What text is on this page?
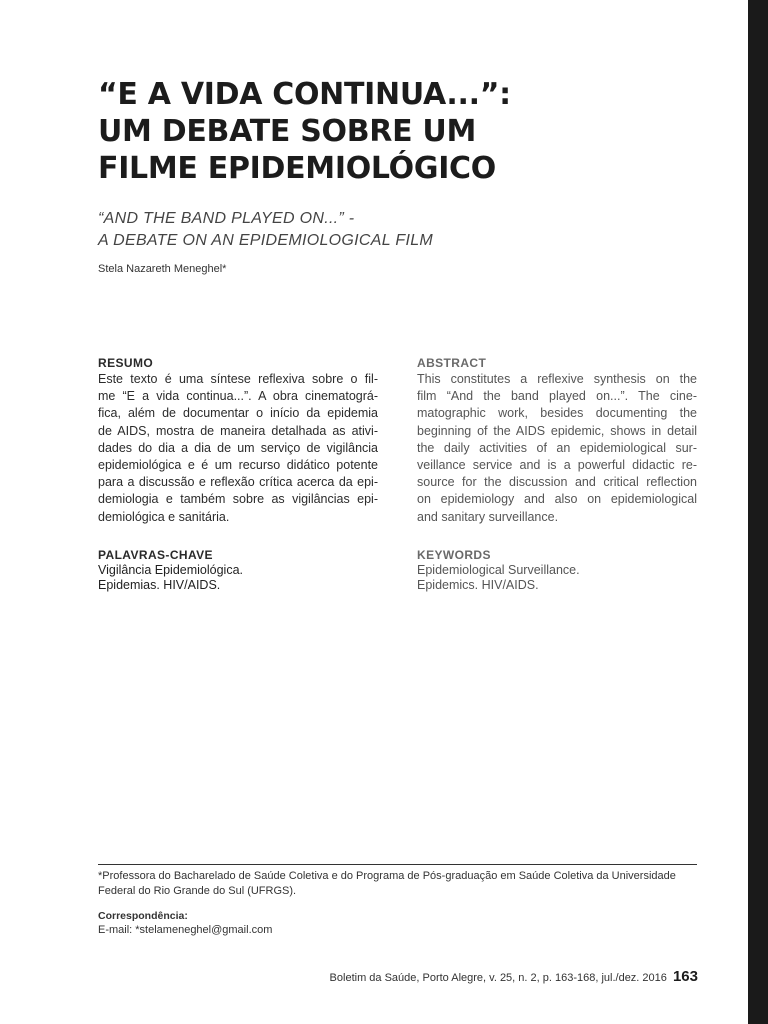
“E A VIDA CONTINUA...”:
UM DEBATE SOBRE UM
FILME EPIDEMIOLÓGICO
“AND THE BAND PLAYED ON...” -
A DEBATE ON AN EPIDEMIOLOGICAL FILM
Stela Nazareth Meneghel*
RESUMO

Este texto é uma síntese reflexiva sobre o fil-
me “E a vida continua...”. A obra cinematográ-
fica, além de documentar o início da epidemia
de AIDS, mostra de maneira detalhada as ativi-
dades do dia a dia de um serviço de vigilância
epidemiológica e é um recurso didático potente
para a discussão e reflexão crítica acerca da epi-
demiologia e também sobre as vigilâncias epi-
demiológica e sanitária.

PALAVRAS-CHAVE
Vigilância Epidemiológica.
Epidemias. HIV/AIDS.
ABSTRACT

This constitutes a reflexive synthesis on the
film “And the band played on...”. The cine-
matographic work, besides documenting the
beginning of the AIDS epidemic, shows in detail
the daily activities of an epidemiological sur-
veillance service and is a powerful didactic re-
source for the discussion and critical reflection
on epidemiology and also on epidemiological
and sanitary surveillance.

KEYWORDS
Epidemiological Surveillance.
Epidemics. HIV/AIDS.
*Professora do Bacharelado de Saúde Coletiva e do Programa de Pós-graduação em Saúde Coletiva da Universidade
Federal do Rio Grande do Sul (UFRGS).
Correspondência:
E-mail: *stelameneghel@gmail.com
Boletim da Saúde, Porto Alegre, v. 25, n. 2, p. 163-168, jul./dez. 2016 163
